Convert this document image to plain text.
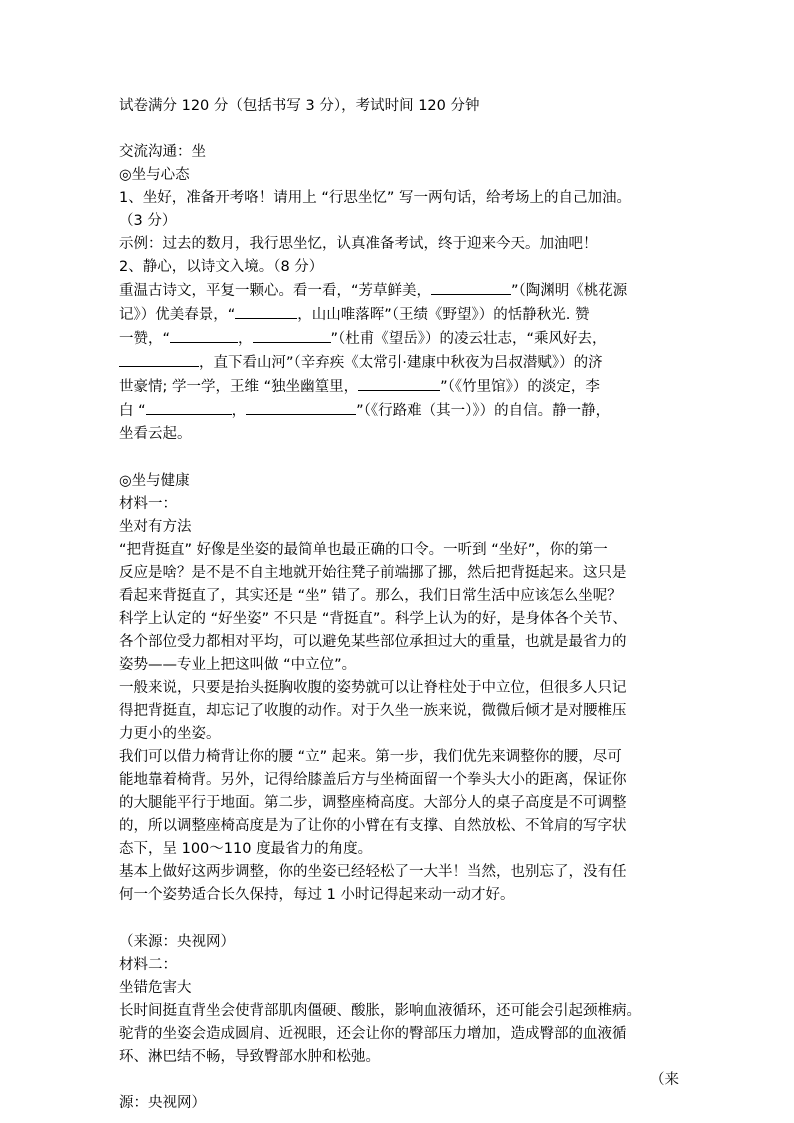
试卷满分 120 分（包括书写 3 分），考试时间 120 分钟

交流沟通：坐

◎坐与心态

1、坐好，准备开考咯！请用上 “行思坐忆” 写一两句话，给考场上的自己加油。

（3 分）

示例：过去的数月，我行思坐忆，认真准备考试，终于迎来今天。加油吧！

2、静心，以诗文入境。（8 分）

重温古诗文，平复一颗心。看一看，“芳草鲜美，	”（陶渊明《桃花源

记》）优美春景，“	，山山唯落晖”（王绩《野望》）的恬静秋光. 赞

一赞，“	，	”（杜甫《望岳》）的凌云壮志，“乘风好去，

，直下看山河”（辛弃疾《太常引·建康中秋夜为吕叔潜赋》）的济

世豪情; 学一学，王维 “独坐幽篁里，	”（《竹里馆》）的淡定，李

白 “	，	”（《行路难（其一）》）的自信。静一静，

坐看云起。

◎坐与健康

材料一：

坐对有方法

“把背挺直” 好像是坐姿的最简单也最正确的口令。一听到 “坐好”，你的第一

反应是啥？是不是不自主地就开始往凳子前端挪了挪，然后把背挺起来。这只是

看起来背挺直了，其实还是 “坐” 错了。那么，我们日常生活中应该怎么坐呢？

科学上认定的 “好坐姿” 不只是 “背挺直”。科学上认为的好，是身体各个关节、

各个部位受力都相对平均，可以避免某些部位承担过大的重量，也就是最省力的

姿势——专业上把这叫做 “中立位”。

一般来说，只要是抬头挺胸收腹的姿势就可以让脊柱处于中立位，但很多人只记

得把背挺直，却忘记了收腹的动作。对于久坐一族来说，微微后倾才是对腰椎压

力更小的坐姿。

我们可以借力椅背让你的腰 “立” 起来。第一步，我们优先来调整你的腰，尽可

能地靠着椅背。另外，记得给膝盖后方与坐椅面留一个拳头大小的距离，保证你

的大腿能平行于地面。第二步，调整座椅高度。大部分人的桌子高度是不可调整

的，所以调整座椅高度是为了让你的小臂在有支撑、自然放松、不耸肩的写字状

态下，呈 100～110 度最省力的角度。

基本上做好这两步调整，你的坐姿已经轻松了一大半！当然，也别忘了，没有任

何一个姿势适合长久保持，每过 1 小时记得起来动一动才好。

（来源：央视网）

材料二：

坐错危害大

长时间挺直背坐会使背部肌肉僵硬、酸胀，影响血液循环，还可能会引起颈椎病。

驼背的坐姿会造成圆肩、近视眼，还会让你的臀部压力增加，造成臀部的血液循

环、淋巴结不畅，导致臀部水肿和松弛。

（来

源：央视网）
